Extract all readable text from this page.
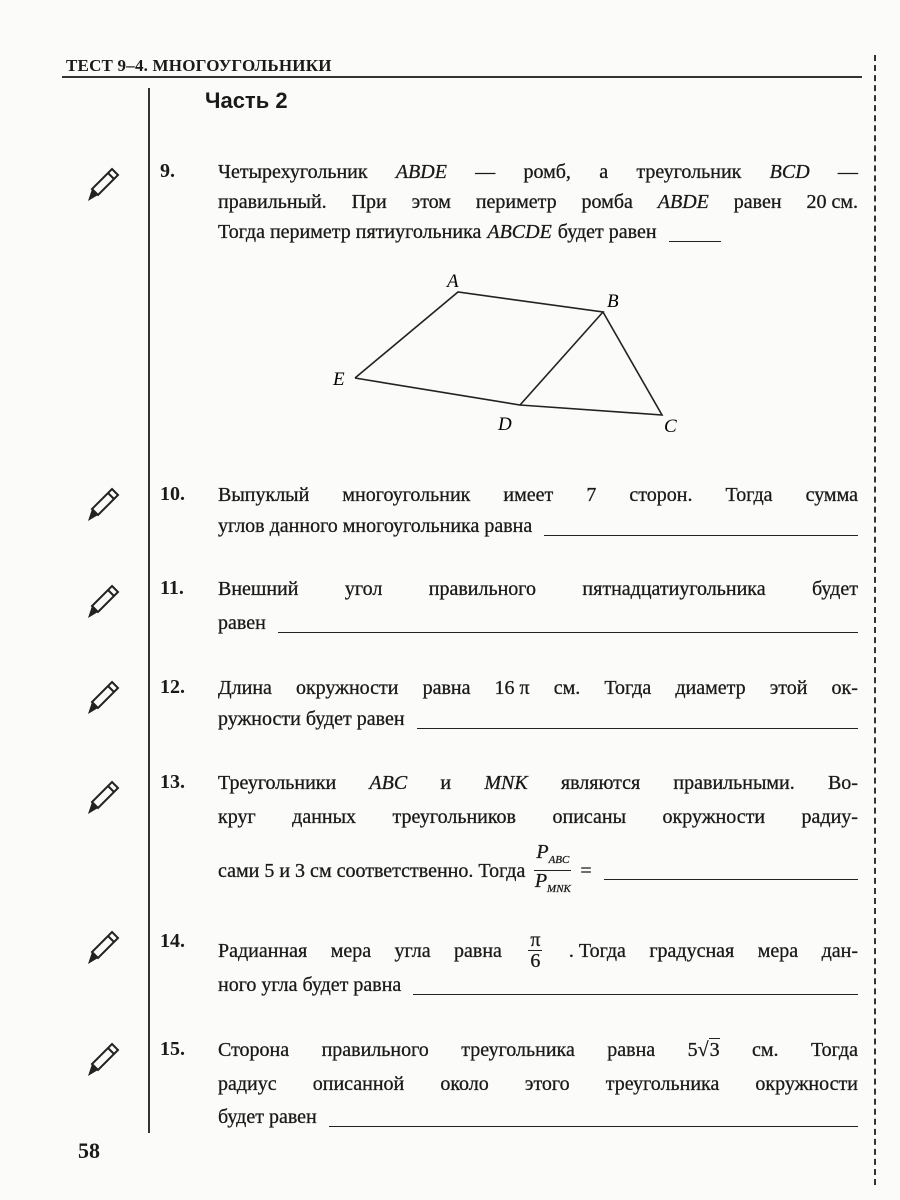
ТЕСТ 9–4. МНОГОУГОЛЬНИКИ
Часть 2
A
B
C
D
E
9. Четырехугольник ABDE — ромб, а треугольник BCD —
правильный. При этом периметр ромба ABDE равен 20 см.
Тогда периметр пятиугольника ABCDE будет равен
10. Выпуклый многоугольник имеет 7 сторон. Тогда сумма
углов данного многоугольника равна
11. Внешний угол правильного пятнадцатиугольника будет
равен
12. Длина окружности равна 16 π см. Тогда диаметр этой ок-
ружности будет равен
13. Треугольники ABC и MNK являются правильными. Во-
круг данных треугольников описаны окружности радиу-
сами 5 и 3 см соответственно. Тогда $\frac{P_{ABC}}{P_{MNK}}$ =
14. Радианная мера угла равна $\frac{\pi}{6}$ . Тогда градусная мера дан-
ного угла будет равна
15. Сторона правильного треугольника равна 5√3 см. Тогда
радиус описанной около этого треугольника окружности
будет равен
58
